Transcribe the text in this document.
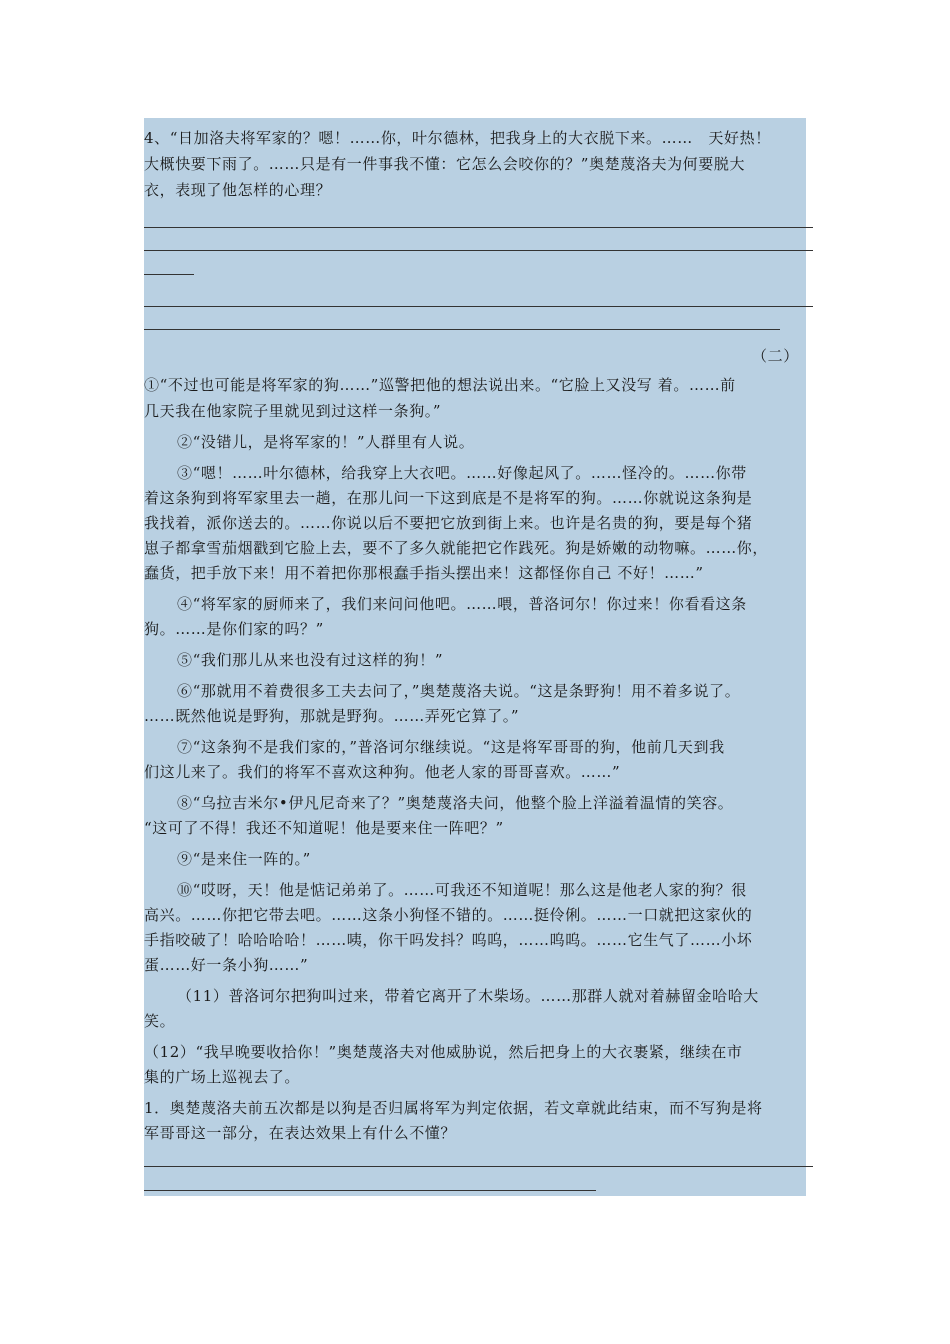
4、“日加洛夫将军家的？嗯！……你，叶尔德林，把我身上的大衣脱下来。……　天好热！
大概快要下雨了。……只是有一件事我不懂：它怎么会咬你的？”奥楚蔑洛夫为何要脱大
衣，表现了他怎样的心理？
（二）
①“不过也可能是将军家的狗……”巡警把他的想法说出来。“它脸上又没写 着。……前
几天我在他家院子里就见到过这样一条狗。”
②“没错儿，是将军家的！”人群里有人说。
③“嗯！……叶尔德林，给我穿上大衣吧。……好像起风了。……怪冷的。……你带
着这条狗到将军家里去一趟，在那儿问一下这到底是不是将军的狗。……你就说这条狗是
我找着，派你送去的。……你说以后不要把它放到街上来。也许是名贵的狗，要是每个猪
崽子都拿雪茄烟戳到它脸上去，要不了多久就能把它作践死。狗是娇嫩的动物嘛。……你，
蠢货，把手放下来！用不着把你那根蠢手指头摆出来！这都怪你自己 不好！……”
④“将军家的厨师来了，我们来问问他吧。……喂，普洛诃尔！你过来！你看看这条
狗。……是你们家的吗？”
⑤“我们那儿从来也没有过这样的狗！”
⑥“那就用不着费很多工夫去问了，”奥楚蔑洛夫说。“这是条野狗！用不着多说了。
……既然他说是野狗，那就是野狗。……弄死它算了。”
⑦“这条狗不是我们家的，”普洛诃尔继续说。“这是将军哥哥的狗，他前几天到我
们这儿来了。我们的将军不喜欢这种狗。他老人家的哥哥喜欢。……”
⑧“乌拉吉米尔•伊凡尼奇来了？”奥楚蔑洛夫问，他整个脸上洋溢着温情的笑容。
“这可了不得！我还不知道呢！他是要来住一阵吧？”
⑨“是来住一阵的。”
⑩“哎呀，天！他是惦记弟弟了。……可我还不知道呢！那么这是他老人家的狗？很
高兴。……你把它带去吧。……这条小狗怪不错的。……挺伶俐。……一口就把这家伙的
手指咬破了！哈哈哈哈！……咦，你干吗发抖？呜呜，……呜呜。……它生气了……小坏
蛋……好一条小狗……”
（11）普洛诃尔把狗叫过来，带着它离开了木柴场。……那群人就对着赫留金哈哈大
笑。
（12）“我早晚要收拾你！”奥楚蔑洛夫对他威胁说，然后把身上的大衣裹紧，继续在市
集的广场上巡视去了。
1．奥楚蔑洛夫前五次都是以狗是否归属将军为判定依据，若文章就此结束，而不写狗是将
军哥哥这一部分，在表达效果上有什么不懂？
